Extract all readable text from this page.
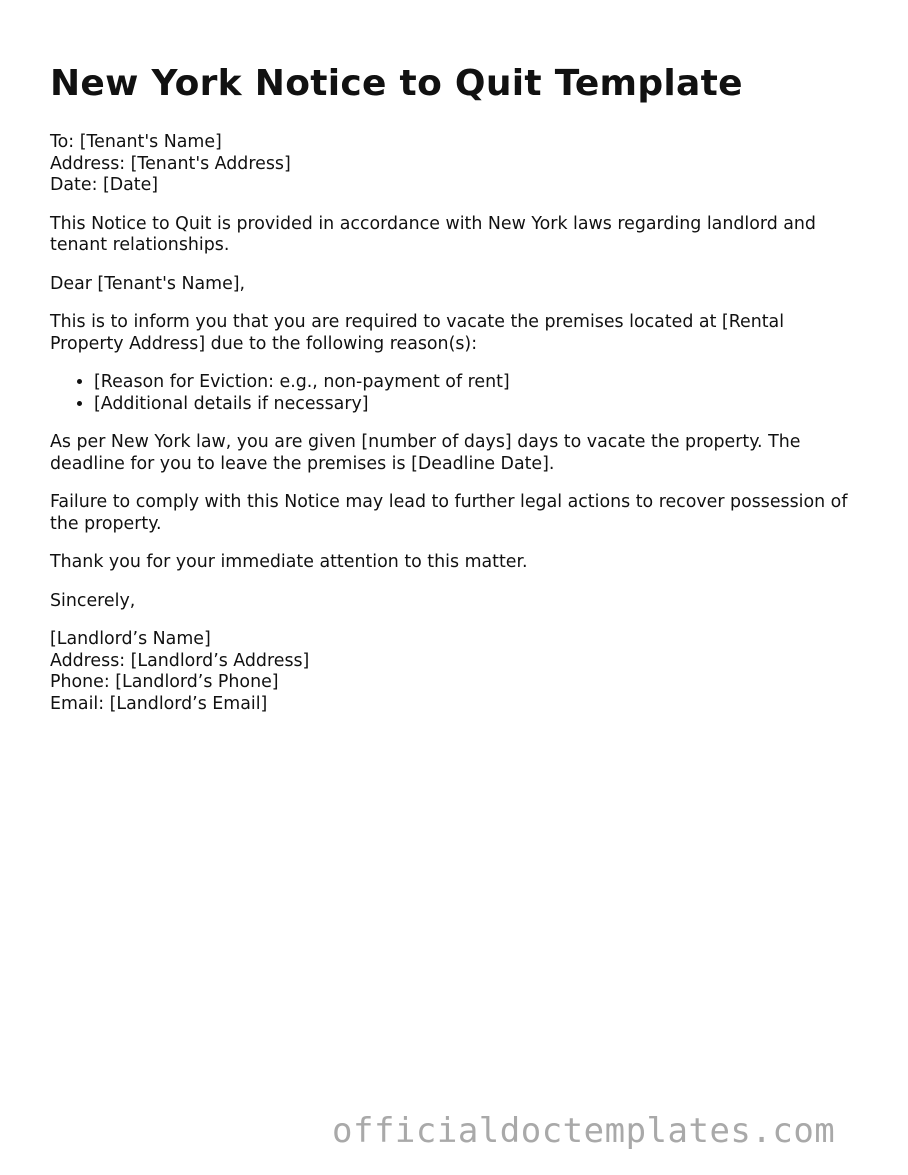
New York Notice to Quit Template
To: [Tenant's Name]
Address: [Tenant's Address]
Date: [Date]

This Notice to Quit is provided in accordance with New York laws regarding landlord and tenant relationships.

Dear [Tenant's Name],

This is to inform you that you are required to vacate the premises located at [Rental Property Address] due to the following reason(s):

• [Reason for Eviction: e.g., non-payment of rent]
• [Additional details if necessary]

As per New York law, you are given [number of days] days to vacate the property. The deadline for you to leave the premises is [Deadline Date].

Failure to comply with this Notice may lead to further legal actions to recover possession of the property.

Thank you for your immediate attention to this matter.

Sincerely,

[Landlord’s Name]
Address: [Landlord’s Address]
Phone: [Landlord’s Phone]
Email: [Landlord’s Email]
officialdoctemplates.com
